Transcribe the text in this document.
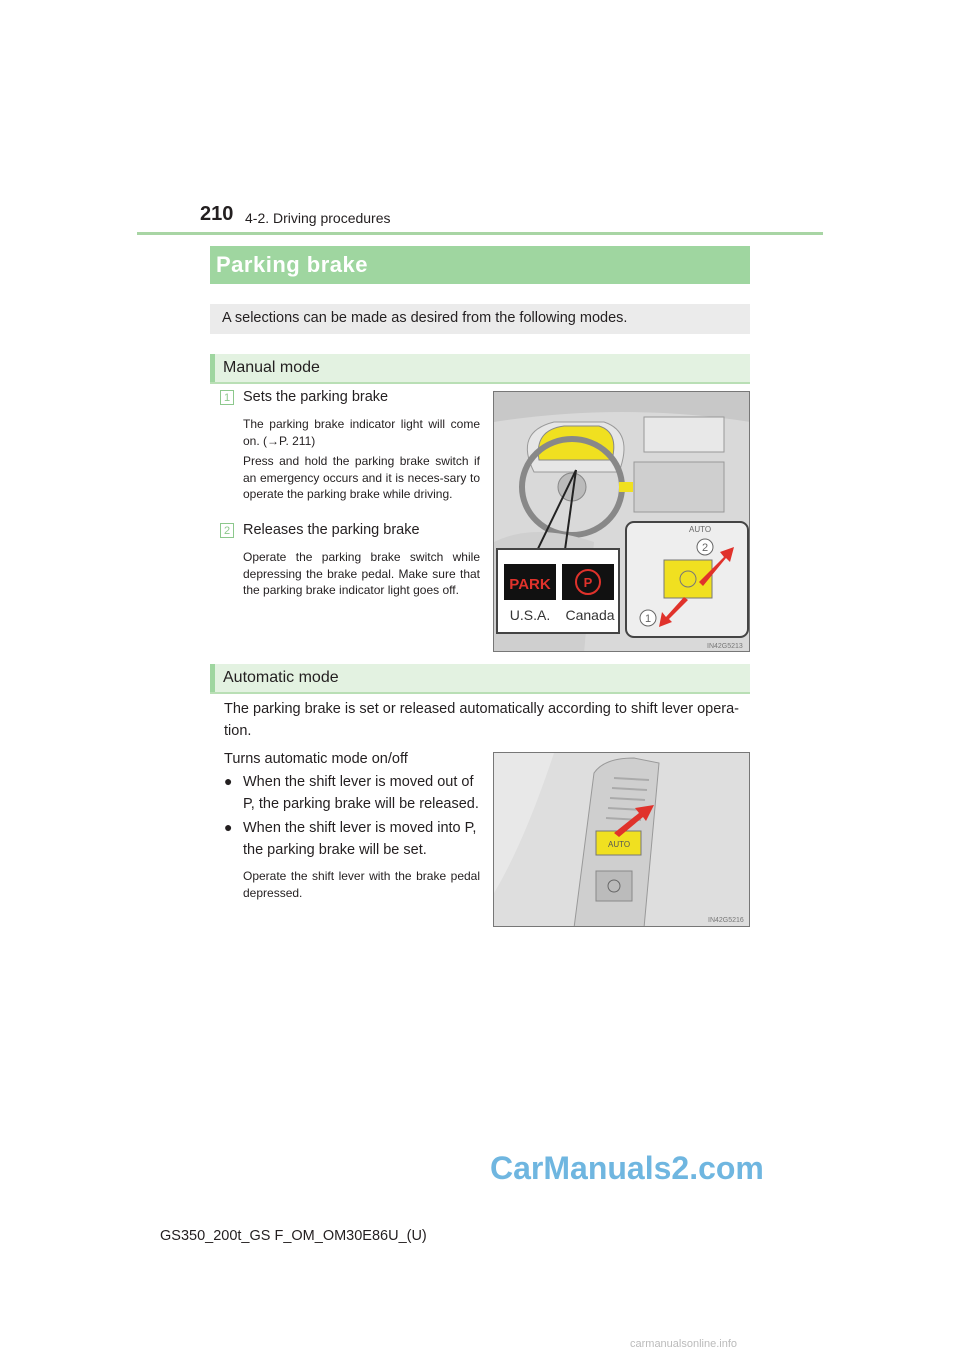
210 4-2. Driving procedures
Parking brake
A selections can be made as desired from the following modes.
Manual mode
1 Sets the parking brake
The parking brake indicator light will come on. (→P. 211)
Press and hold the parking brake switch if an emergency occurs and it is neces-sary to operate the parking brake while driving.
2 Releases the parking brake
Operate the parking brake switch while depressing the brake pedal. Make sure that the parking brake indicator light goes off.	PARK	P
U.S.A. Canada
AUTO
2
1
IN42G5213
Automatic mode
The parking brake is set or released automatically according to shift lever opera-tion.
Turns automatic mode on/off
● When the shift lever is moved out of P, the parking brake will be released.
● When the shift lever is moved into P, the parking brake will be set.
Operate the shift lever with the brake pedal depressed.
AUTO
IN42G5216
CarManuals2.com
GS350_200t_GS F_OM_OM30E86U_(U)
carmanualsonline.info
